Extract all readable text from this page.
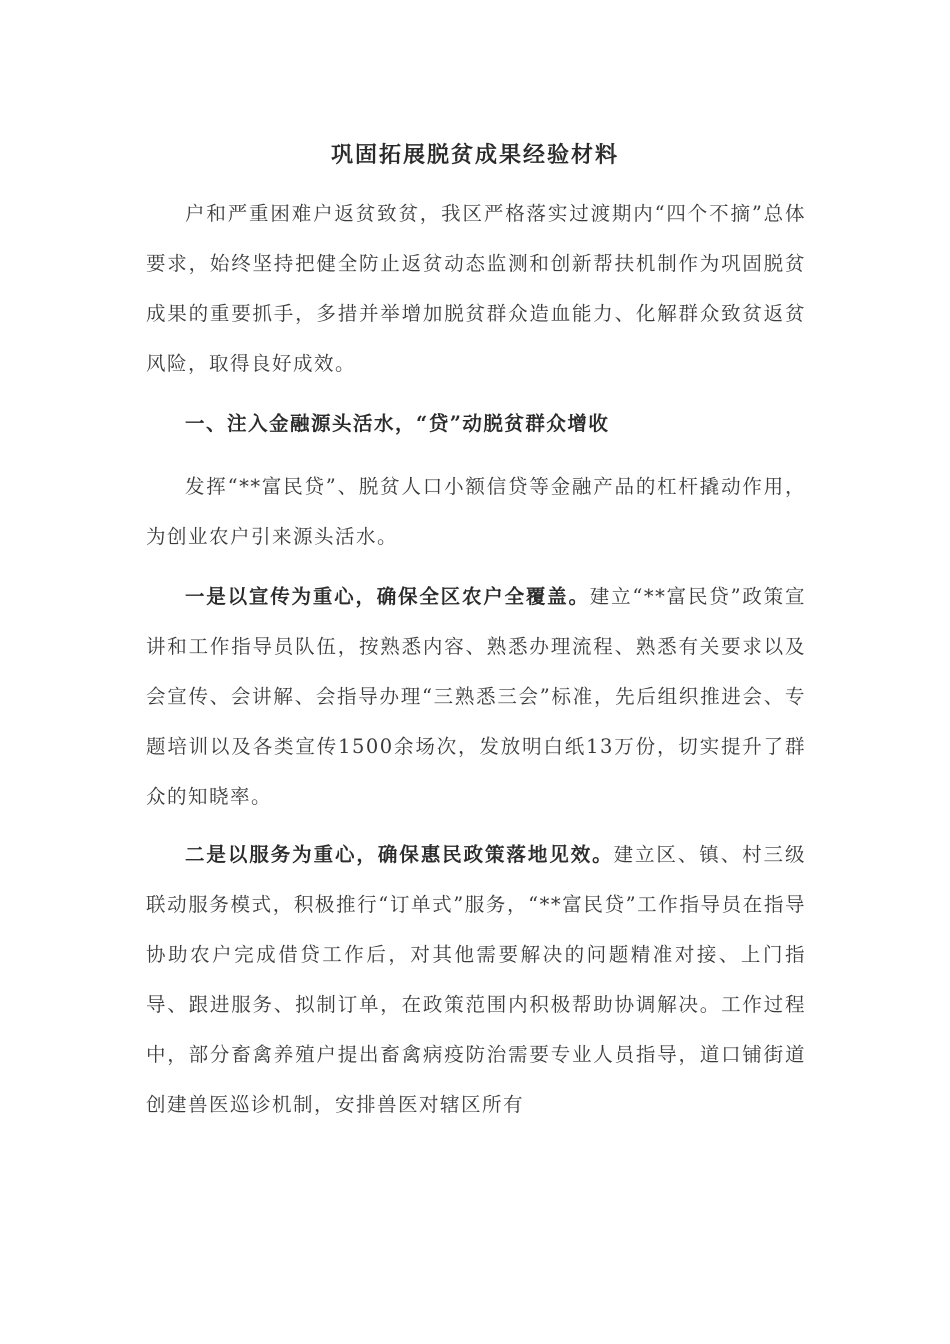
巩固拓展脱贫成果经验材料

户和严重困难户返贫致贫，我区严格落实过渡期内“四个不摘”总体要求，始终坚持把健全防止返贫动态监测和创新帮扶机制作为巩固脱贫成果的重要抓手，多措并举增加脱贫群众造血能力、化解群众致贫返贫风险，取得良好成效。

一、注入金融源头活水，“贷”动脱贫群众增收

发挥“**富民贷”、脱贫人口小额信贷等金融产品的杠杆撬动作用，为创业农户引来源头活水。

一是以宣传为重心，确保全区农户全覆盖。建立“**富民贷”政策宣讲和工作指导员队伍，按熟悉内容、熟悉办理流程、熟悉有关要求以及会宣传、会讲解、会指导办理“三熟悉三会”标准，先后组织推进会、专题培训以及各类宣传1500余场次，发放明白纸13万份，切实提升了群众的知晓率。

二是以服务为重心，确保惠民政策落地见效。建立区、镇、村三级联动服务模式，积极推行“订单式”服务，“**富民贷”工作指导员在指导协助农户完成借贷工作后，对其他需要解决的问题精准对接、上门指导、跟进服务、拟制订单，在政策范围内积极帮助协调解决。工作过程中，部分畜禽养殖户提出畜禽病疫防治需要专业人员指导，道口铺街道创建兽医巡诊机制，安排兽医对辖区所有
